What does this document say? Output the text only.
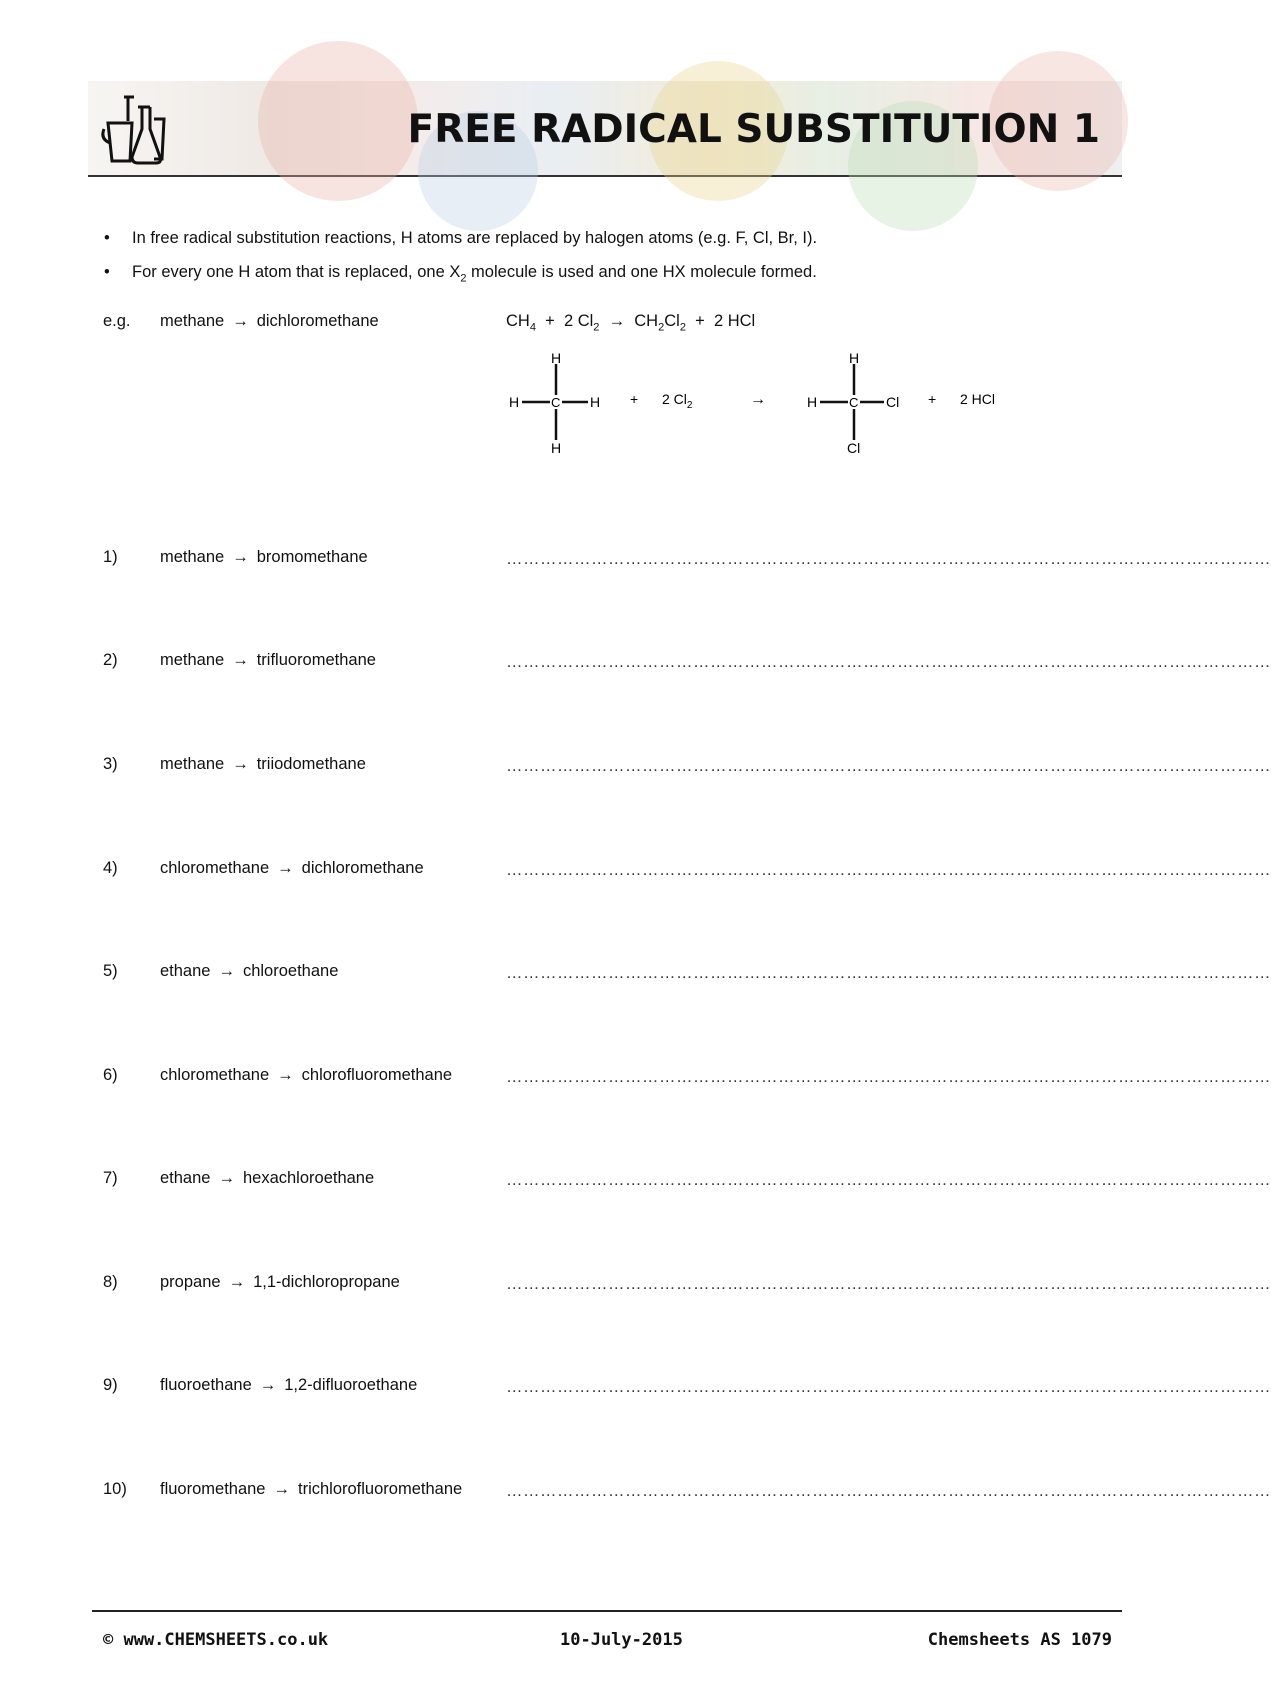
FREE RADICAL SUBSTITUTION 1
• In free radical substitution reactions, H atoms are replaced by halogen atoms (e.g. F, Cl, Br, I).
• For every one H atom that is replaced, one $X_2$ molecule is used and one HX molecule formed.
e.g. methane → dichloromethane	$CH_4 + 2$ $Cl_2 \to CH_2Cl_2 + 2$ HCl
H
H C H
H
+ 2 $Cl_2$	→
H
H C Cl
Cl
+ 2 HCl
1)	methane → bromomethane	………………………………………………………………………………………………………………………
2)	methane → trifluoromethane	………………………………………………………………………………………………………………………
3)	methane → triiodomethane	………………………………………………………………………………………………………………………
4)	chloromethane → dichloromethane	………………………………………………………………………………………………………………………
5)	ethane → chloroethane	………………………………………………………………………………………………………………………
6)	chloromethane → chlorofluoromethane	………………………………………………………………………………………………………………………
7)	ethane → hexachloroethane	………………………………………………………………………………………………………………………
8)	propane → 1,1-dichloropropane	………………………………………………………………………………………………………………………
9)	fluoroethane → 1,2-difluoroethane	………………………………………………………………………………………………………………………
10) fluoromethane → trichlorofluoromethane	………………………………………………………………………………………………………………………
© www.CHEMSHEETS.co.uk	10-July-2015	Chemsheets AS 1079
